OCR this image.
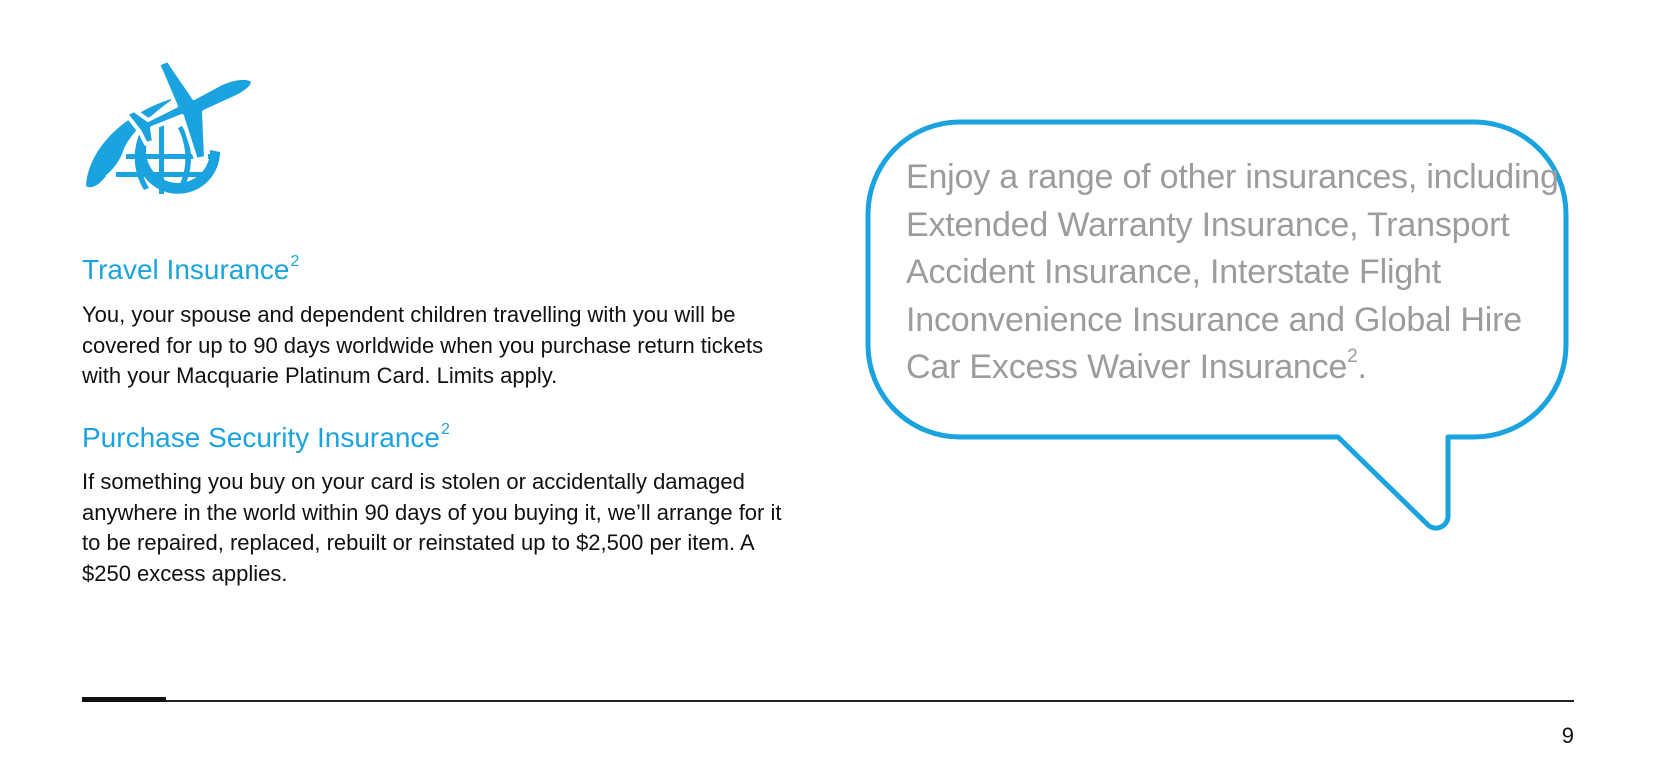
Travel Insurance$^2$

You, your spouse and dependent children travelling with you will be covered for up to 90 days worldwide when you purchase return tickets with your Macquarie Platinum Card. Limits apply.

Purchase Security Insurance$^2$

If something you buy on your card is stolen or accidentally damaged anywhere in the world within 90 days of you buying it, we’ll arrange for it to be repaired, replaced, rebuilt or reinstated up to $2,500 per item. A $250 excess applies.

Enjoy a range of other insurances, including Extended Warranty Insurance, Transport Accident Insurance, Interstate Flight Inconvenience Insurance and Global Hire Car Excess Waiver Insurance$^2$.

9
